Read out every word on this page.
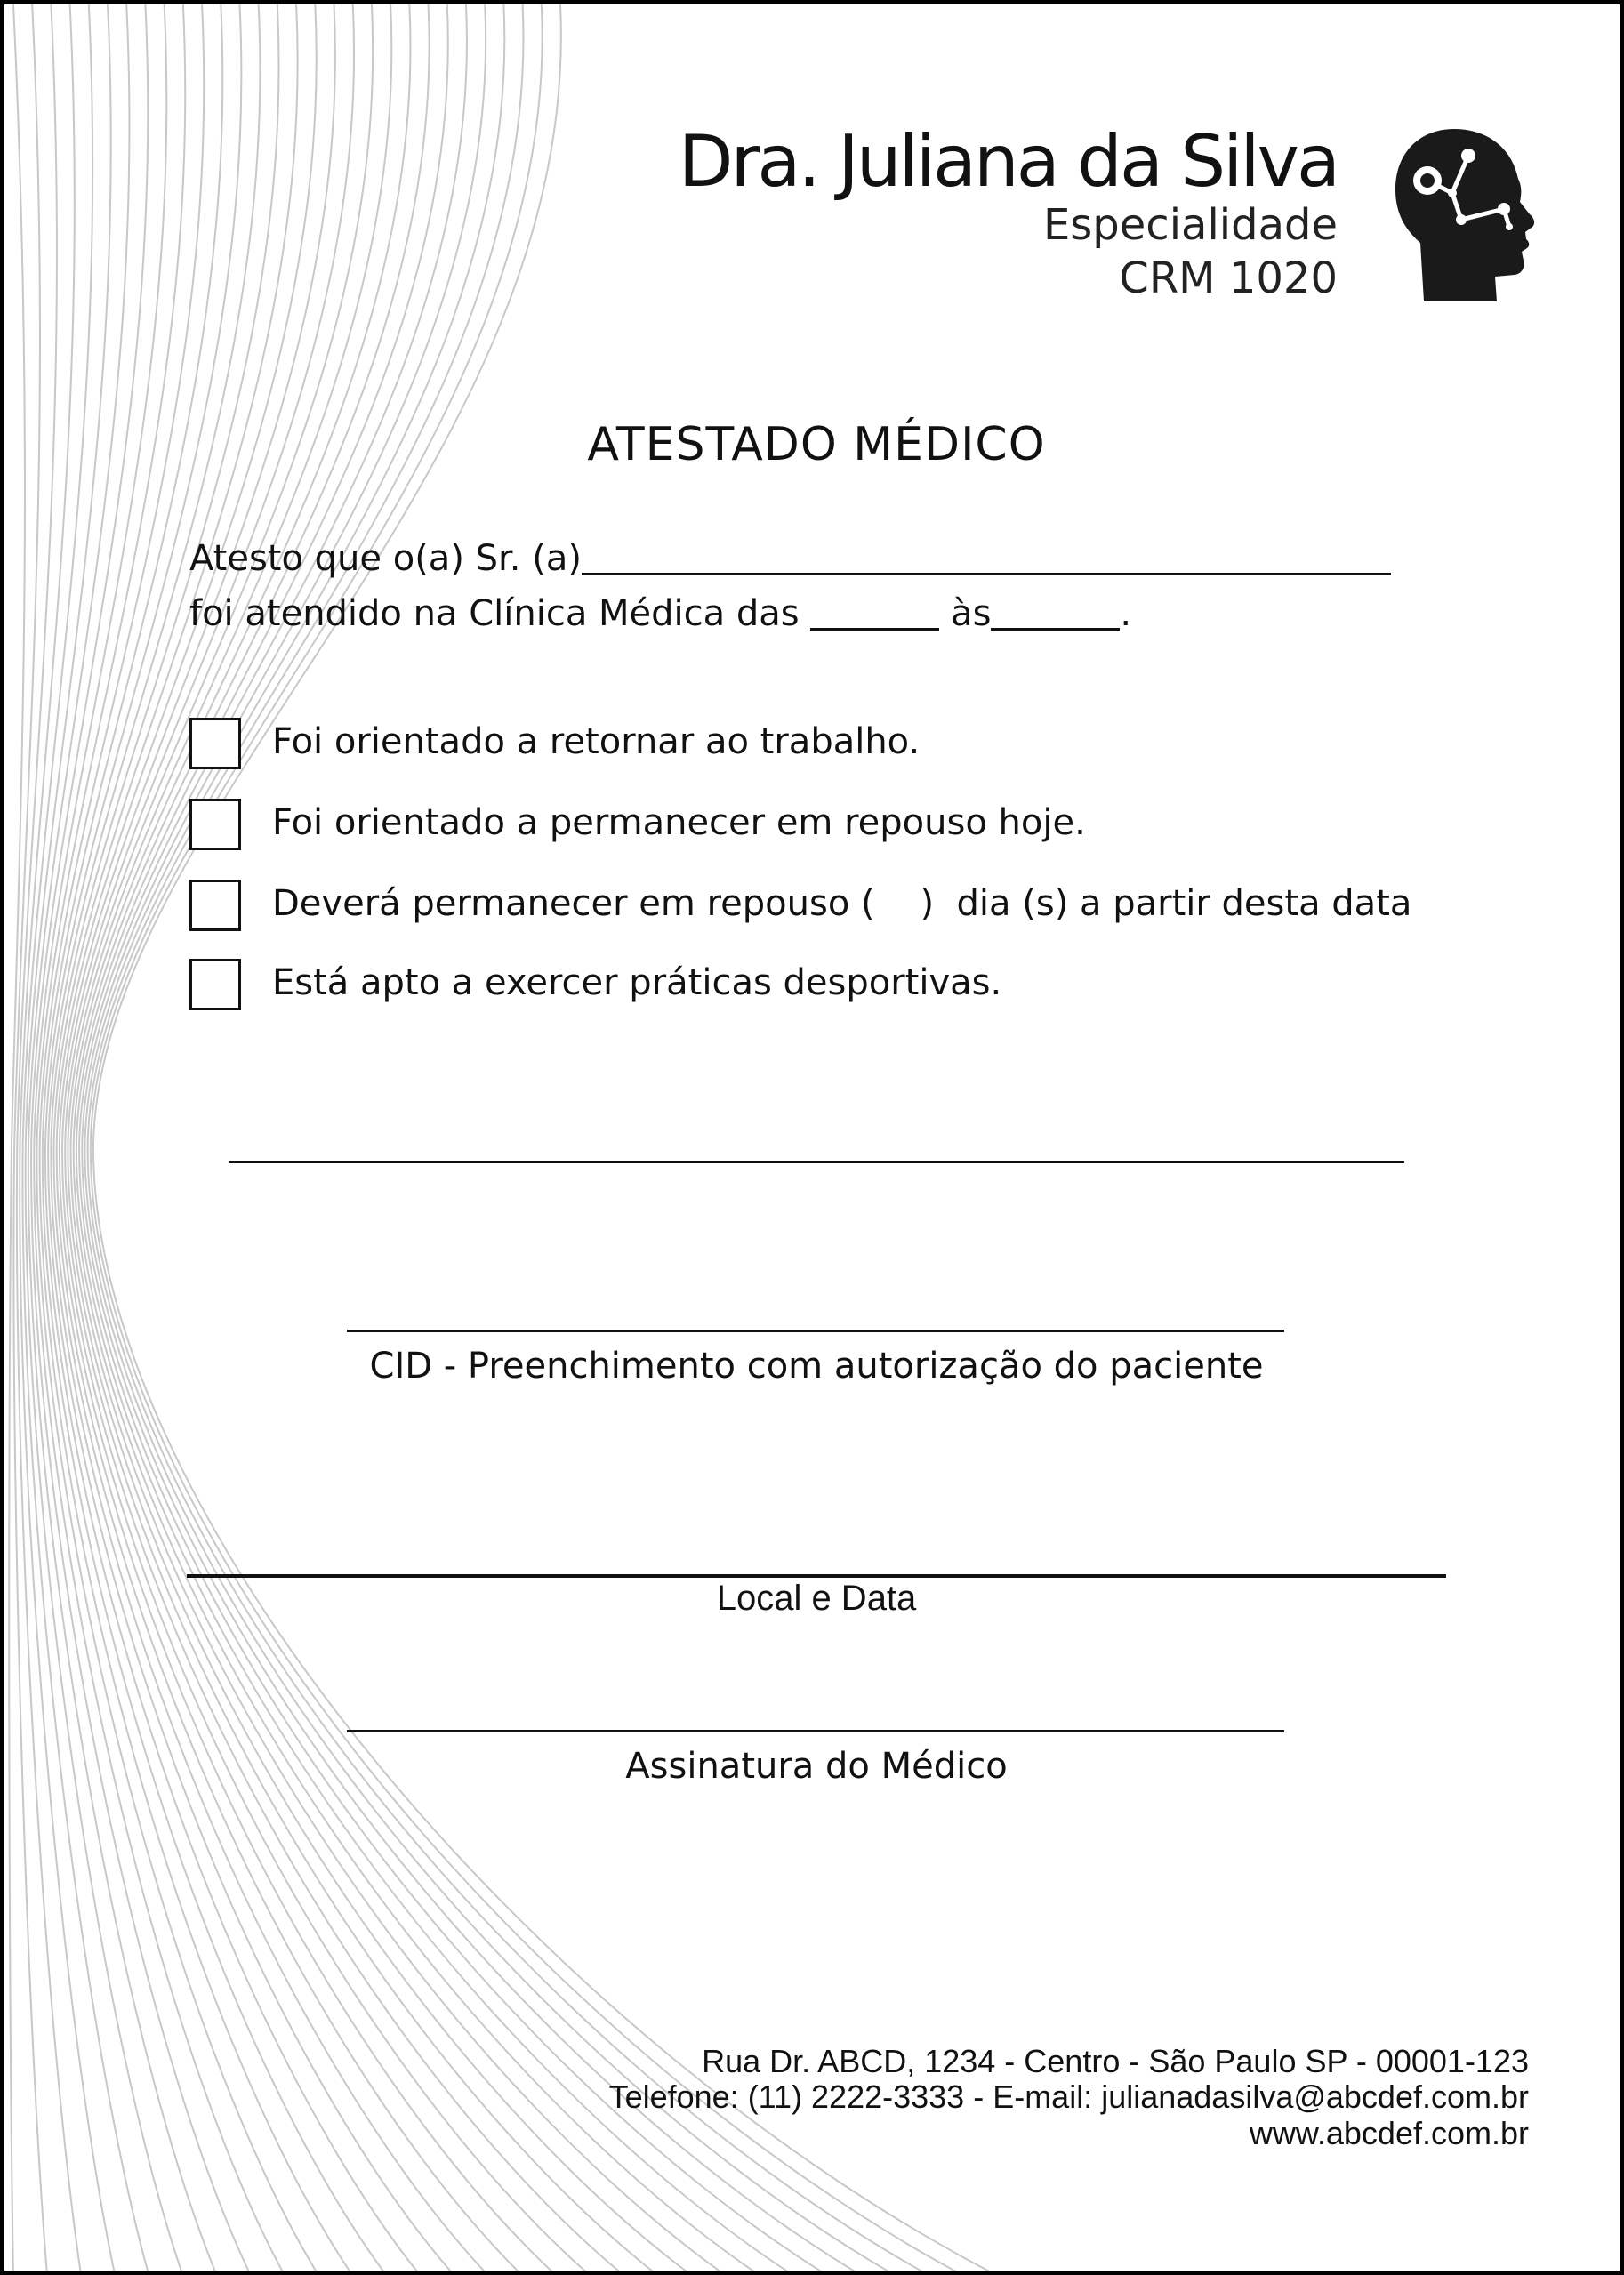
Dra. Juliana da Silva
Especialidade
CRM 1020
ATESTADO MÉDICO
Atesto que o(a) Sr. (a)
foi atendido na Clínica Médica das	às	.
Foi orientado a retornar ao trabalho.
Foi orientado a permanecer em repouso hoje.
Deverá permanecer em repouso (    )  dia (s) a partir desta data
Está apto a exercer práticas desportivas.
CID - Preenchimento com autorização do paciente
Local e Data
Assinatura do Médico
Rua Dr. ABCD, 1234 - Centro - São Paulo SP - 00001-123
Telefone: (11) 2222-3333 - E-mail: julianadasilva@abcdef.com.br
www.abcdef.com.br
